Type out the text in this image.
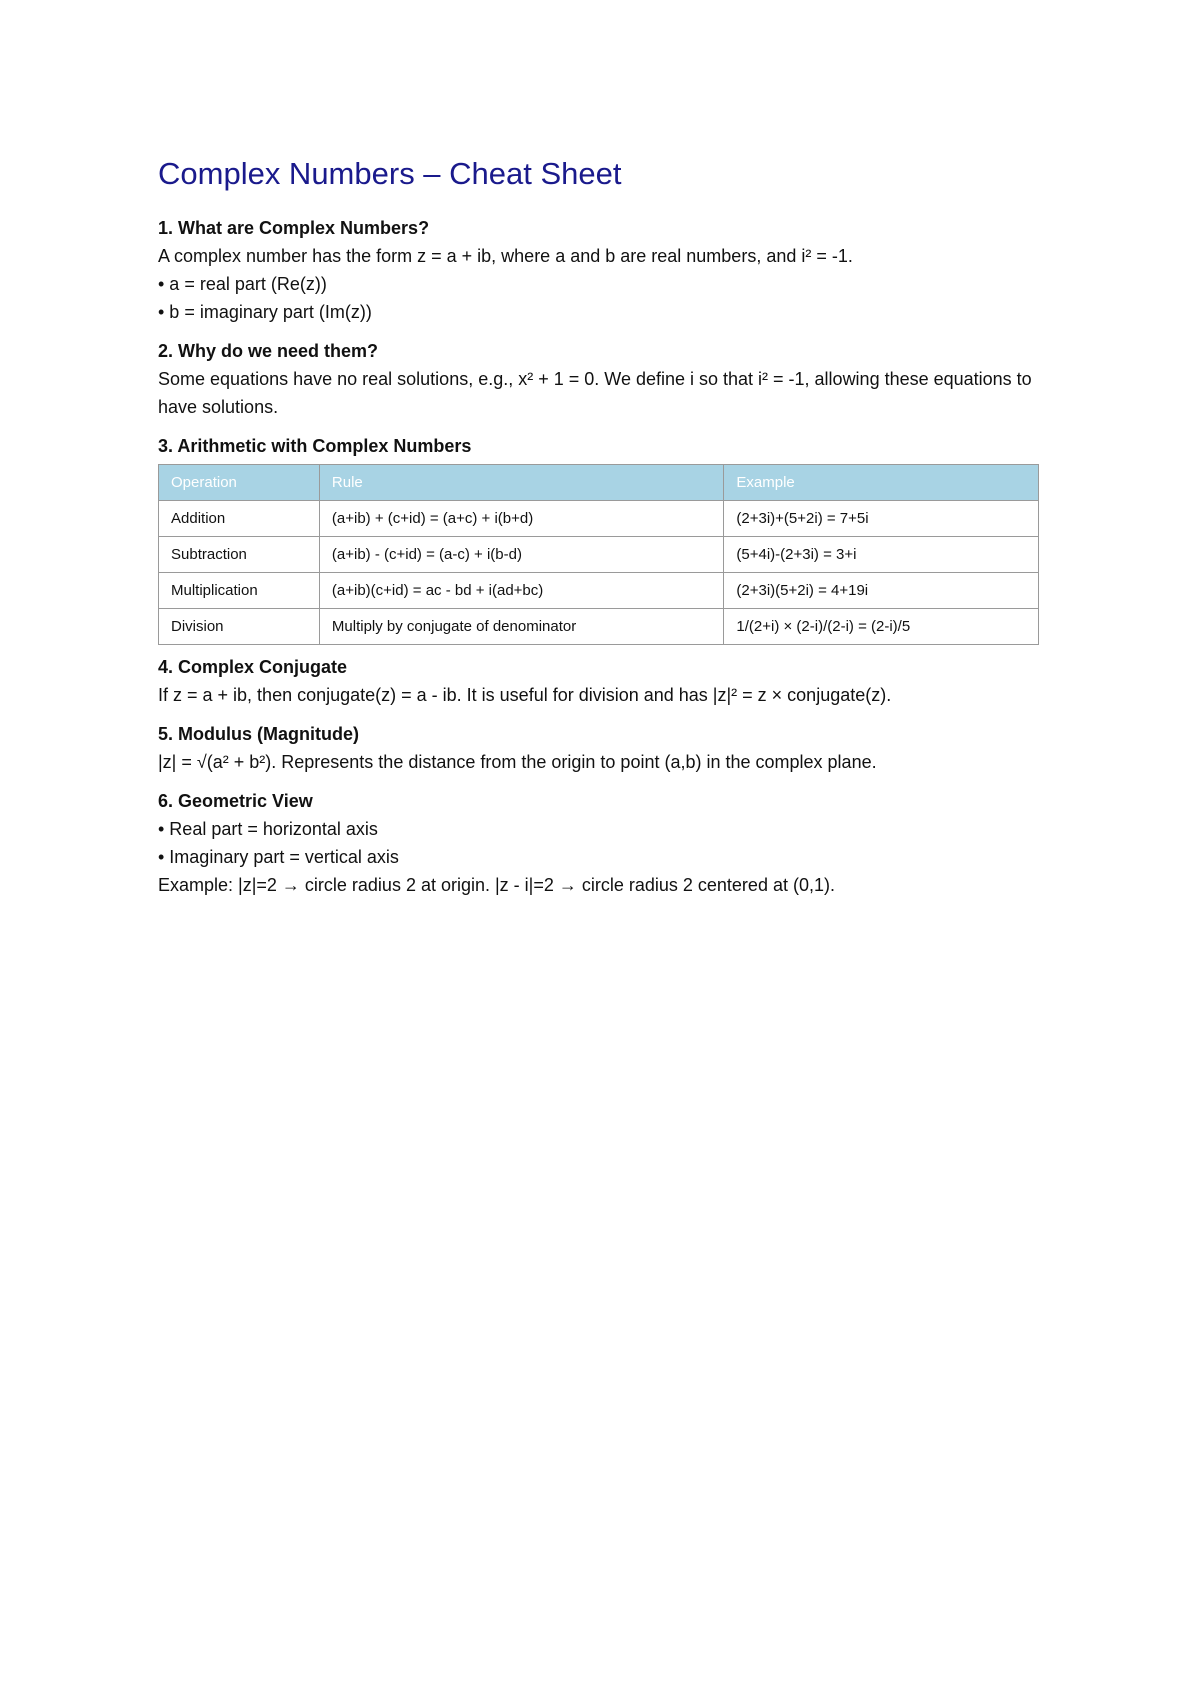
Complex Numbers – Cheat Sheet

1. What are Complex Numbers?

A complex number has the form z = a + ib, where a and b are real numbers, and i² = -1.

• a = real part (Re(z))

• b = imaginary part (Im(z))

2. Why do we need them?

Some equations have no real solutions, e.g., x² + 1 = 0. We define i so that i² = -1, allowing these equations to have solutions.

3. Arithmetic with Complex Numbers

Operation	Rule	Example
Addition	(a+ib) + (c+id) = (a+c) + i(b+d)	(2+3i)+(5+2i) = 7+5i
Subtraction	(a+ib) - (c+id) = (a-c) + i(b-d)	(5+4i)-(2+3i) = 3+i
Multiplication	(a+ib)(c+id) = ac - bd + i(ad+bc)	(2+3i)(5+2i) = 4+19i
Division	Multiply by conjugate of denominator	1/(2+i) × (2-i)/(2-i) = (2-i)/5

4. Complex Conjugate

If z = a + ib, then conjugate(z) = a - ib. It is useful for division and has |z|² = z × conjugate(z).

5. Modulus (Magnitude)

|z| = √(a² + b²). Represents the distance from the origin to point (a,b) in the complex plane.

6. Geometric View

• Real part = horizontal axis

• Imaginary part = vertical axis

Example: |z|=2 → circle radius 2 at origin. |z - i|=2 → circle radius 2 centered at (0,1).
